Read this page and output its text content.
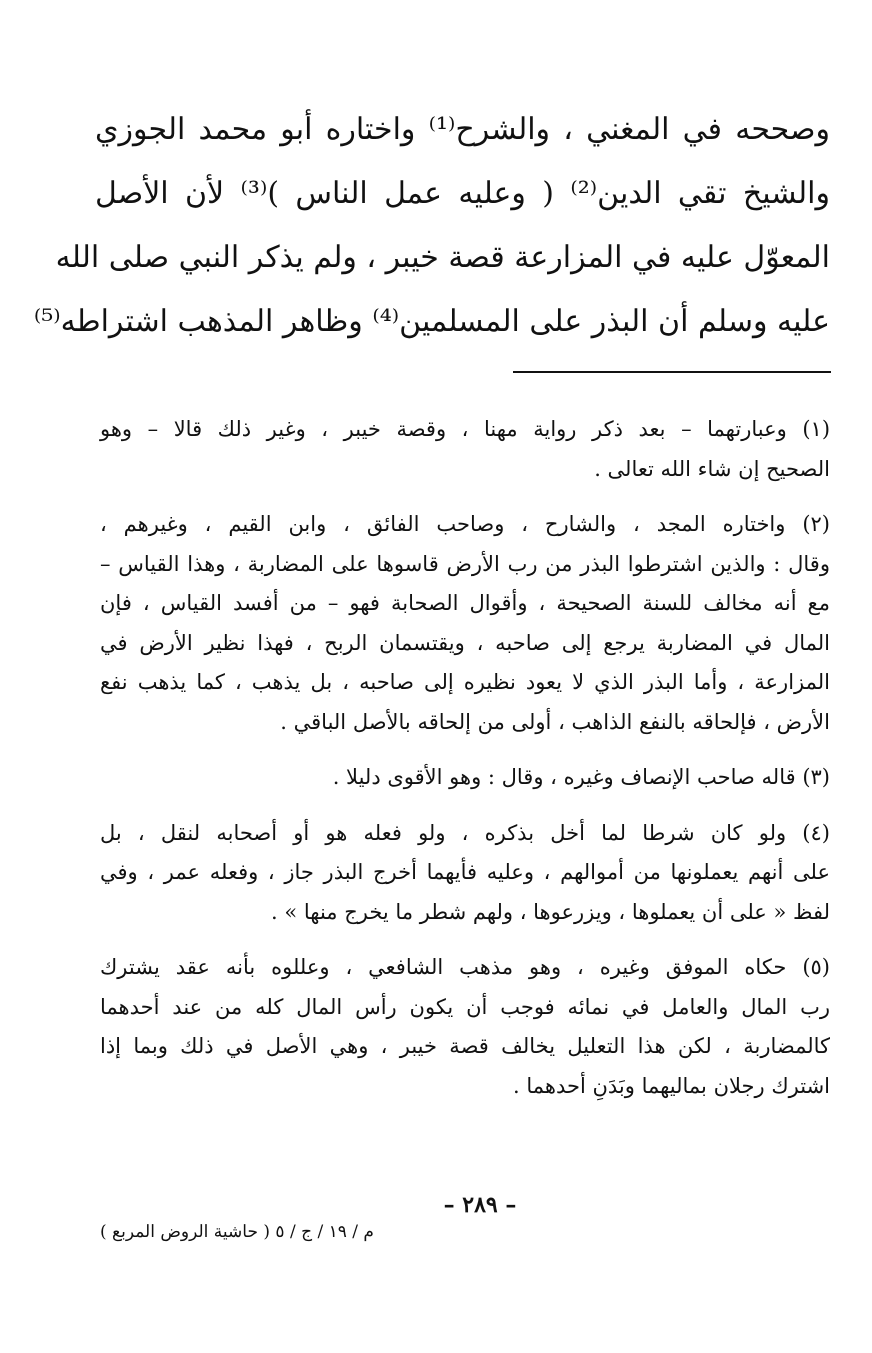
وصححه في المغني ، والشرح⁽¹⁾ واختاره أبو محمد الجوزي
والشيخ تقي الدين⁽²⁾ ( وعليه عمل الناس )⁽³⁾ لأن الأصل
المعوّل عليه في المزارعة قصة خيبر ، ولم يذكر النبي صلى الله
عليه وسلم أن البذر على المسلمين⁽⁴⁾ وظاهر المذهب اشتراطه⁽⁵⁾
(١) وعبارتهما – بعد ذكر رواية مهنا ، وقصة خيبر ، وغير ذلك قالا – وهو
الصحيح إن شاء الله تعالى .
(٢) واختاره المجد ، والشارح ، وصاحب الفائق ، وابن القيم ، وغيرهم ،
وقال : والذين اشترطوا البذر من رب الأرض قاسوها على المضاربة ، وهذا القياس –
مع أنه مخالف للسنة الصحيحة ، وأقوال الصحابة فهو – من أفسد القياس ، فإن
المال في المضاربة يرجع إلى صاحبه ، ويقتسمان الربح ، فهذا نظير الأرض في
المزارعة ، وأما البذر الذي لا يعود نظيره إلى صاحبه ، بل يذهب ، كما يذهب نفع
الأرض ، فإلحاقه بالنفع الذاهب ، أولى من إلحاقه بالأصل الباقي .
(٣) قاله صاحب الإنصاف وغيره ، وقال : وهو الأقوى دليلا .
(٤) ولو كان شرطا لما أخل بذكره ، ولو فعله هو أو أصحابه لنقل ، بل
على أنهم يعملونها من أموالهم ، وعليه فأيهما أخرج البذر جاز ، وفعله عمر ، وفي
لفظ « على أن يعملوها ، ويزرعوها ، ولهم شطر ما يخرج منها » .
(٥) حكاه الموفق وغيره ، وهو مذهب الشافعي ، وعللوه بأنه عقد يشترك
رب المال والعامل في نمائه فوجب أن يكون رأس المال كله من عند أحدهما
كالمضاربة ، لكن هذا التعليل يخالف قصة خيبر ، وهي الأصل في ذلك وبما إذا
اشترك رجلان بماليهما وبَدَنِ أحدهما .
– ٢٨٩ –
م / ١٩ / ج / ٥ ( حاشية الروض المربع )
